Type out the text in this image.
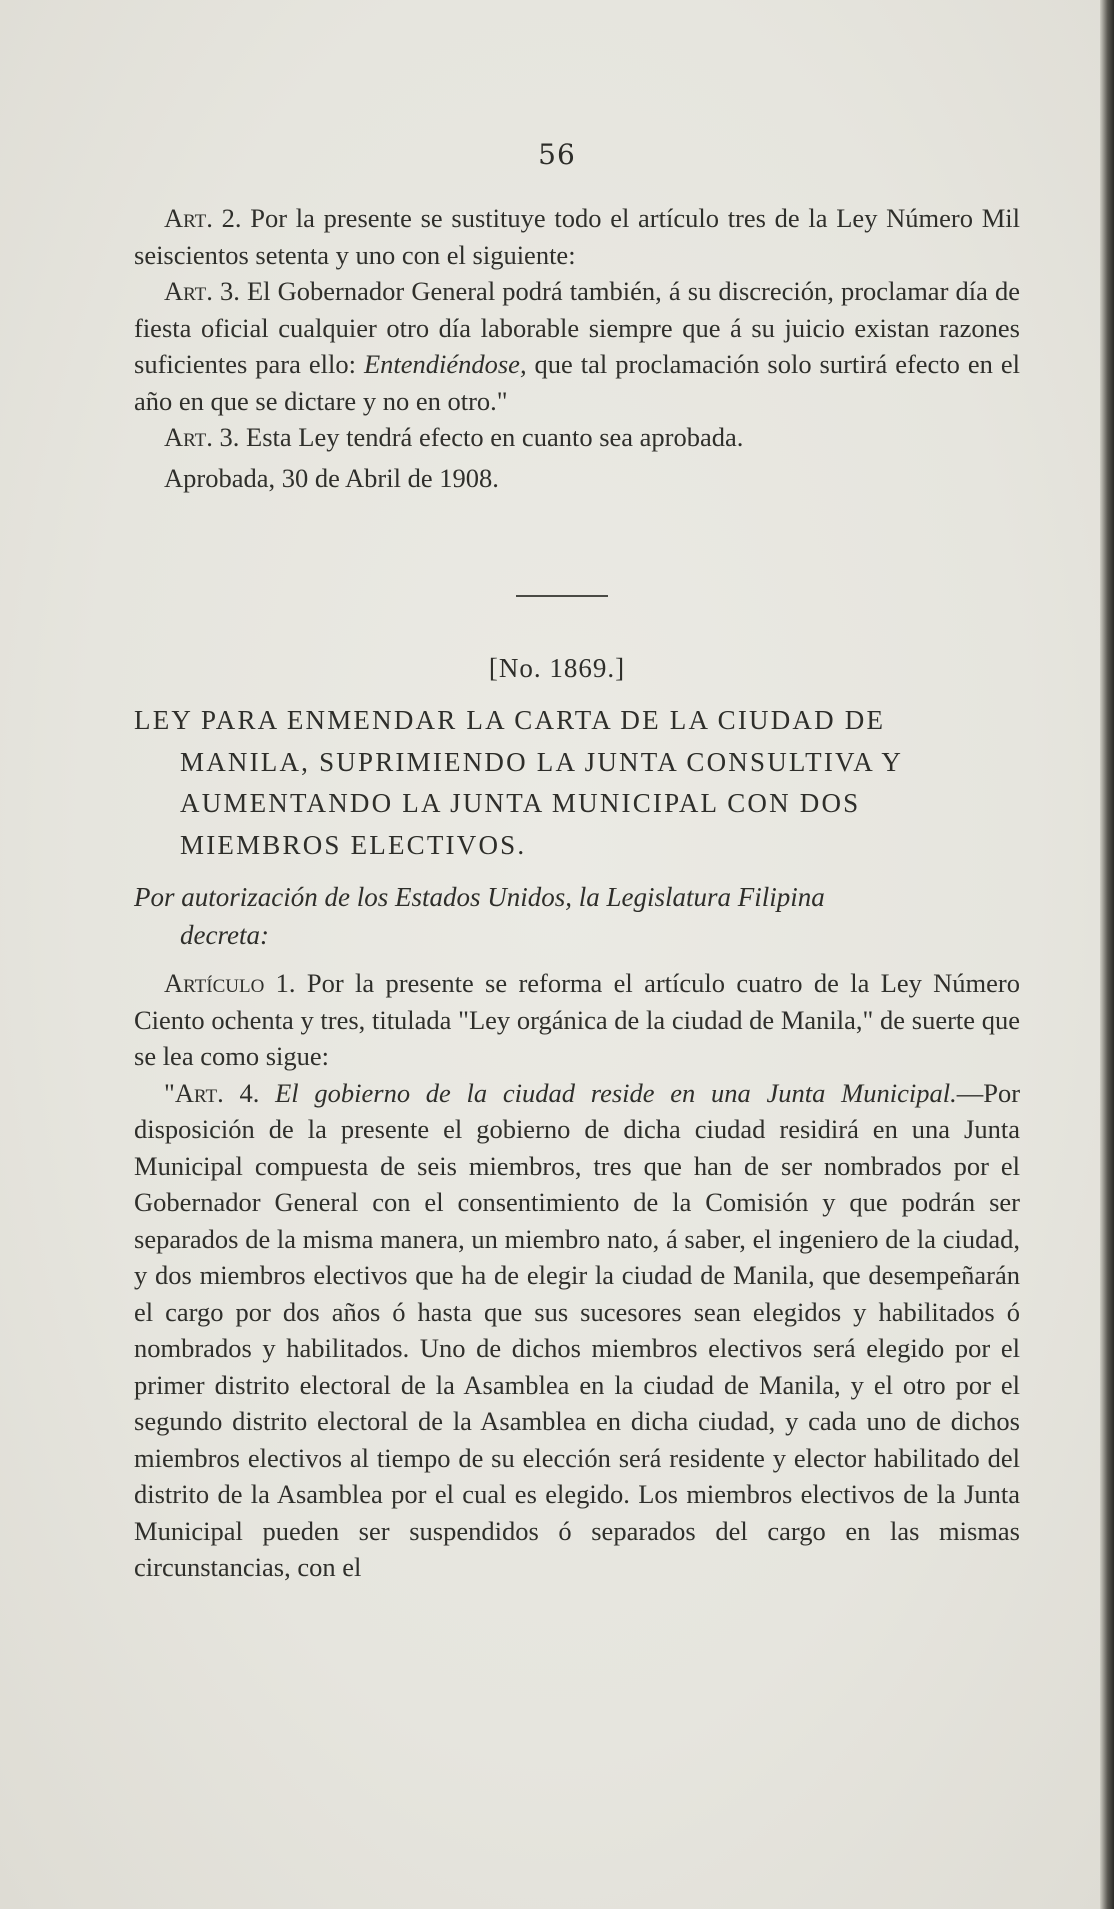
56

Art. 2. Por la presente se sustituye todo el artículo tres de la Ley Número Mil seiscientos setenta y uno con el siguiente:

Art. 3. El Gobernador General podrá también, á su discreción, proclamar día de fiesta oficial cualquier otro día laborable siempre que á su juicio existan razones suficientes para ello: Entendiéndose, que tal proclamación solo surtirá efecto en el año en que se dictare y no en otro."

Art. 3. Esta Ley tendrá efecto en cuanto sea aprobada.

Aprobada, 30 de Abril de 1908.

[No. 1869.]
LEY PARA ENMENDAR LA CARTA DE LA CIUDAD DE
MANILA, SUPRIMIENDO LA JUNTA CONSULTIVA Y
AUMENTANDO LA JUNTA MUNICIPAL CON DOS
MIEMBROS ELECTIVOS.
Por autorización de los Estados Unidos, la Legislatura Filipina
decreta:

Artículo 1. Por la presente se reforma el artículo cuatro de la Ley Número Ciento ochenta y tres, titulada "Ley orgánica de la ciudad de Manila," de suerte que se lea como sigue:

"Art. 4. El gobierno de la ciudad reside en una Junta Municipal.—Por disposición de la presente el gobierno de dicha ciudad residirá en una Junta Municipal compuesta de seis miembros, tres que han de ser nombrados por el Gobernador General con el consentimiento de la Comisión y que podrán ser separados de la misma manera, un miembro nato, á saber, el ingeniero de la ciudad, y dos miembros electivos que ha de elegir la ciudad de Manila, que desempeñarán el cargo por dos años ó hasta que sus sucesores sean elegidos y habilitados ó nombrados y habilitados. Uno de dichos miembros electivos será elegido por el primer distrito electoral de la Asamblea en la ciudad de Manila, y el otro por el segundo distrito electoral de la Asamblea en dicha ciudad, y cada uno de dichos miembros electivos al tiempo de su elección será residente y elector habilitado del distrito de la Asamblea por el cual es elegido. Los miembros electivos de la Junta Municipal pueden ser suspendidos ó separados del cargo en las mismas circunstancias, con el
